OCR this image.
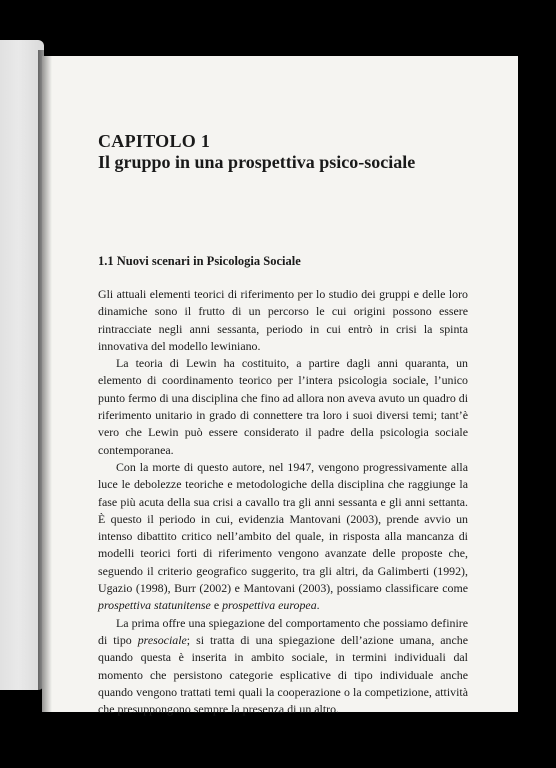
CAPITOLO 1
Il gruppo in una prospettiva psico-sociale
1.1 Nuovi scenari in Psicologia Sociale

Gli attuali elementi teorici di riferimento per lo studio dei gruppi e delle loro dinamiche sono il frutto di un percorso le cui origini possono essere rintracciate negli anni sessanta, periodo in cui entrò in crisi la spinta innovativa del modello lewiniano.

La teoria di Lewin ha costituito, a partire dagli anni quaranta, un elemento di coordinamento teorico per l’intera psicologia sociale, l’unico punto fermo di una disciplina che fino ad allora non aveva avuto un quadro di riferimento unitario in grado di connettere tra loro i suoi diversi temi; tant’è vero che Lewin può essere considerato il padre della psicologia sociale contemporanea.

Con la morte di questo autore, nel 1947, vengono progressivamente alla luce le debolezze teoriche e metodologiche della disciplina che raggiunge la fase più acuta della sua crisi a cavallo tra gli anni sessanta e gli anni settanta. È questo il periodo in cui, evidenzia Mantovani (2003), prende avvio un intenso dibattito critico nell’ambito del quale, in risposta alla mancanza di modelli teorici forti di riferimento vengono avanzate delle proposte che, seguendo il criterio geografico suggerito, tra gli altri, da Galimberti (1992), Ugazio (1998), Burr (2002) e Mantovani (2003), possiamo classificare come prospettiva statunitense e prospettiva europea.

La prima offre una spiegazione del comportamento che possiamo definire di tipo presociale; si tratta di una spiegazione dell’azione umana, anche quando questa è inserita in ambito sociale, in termini individuali dal momento che persistono categorie esplicative di tipo individuale anche quando vengono trattati temi quali la cooperazione o la competizione, attività che presuppongono sempre la presenza di un altro.
